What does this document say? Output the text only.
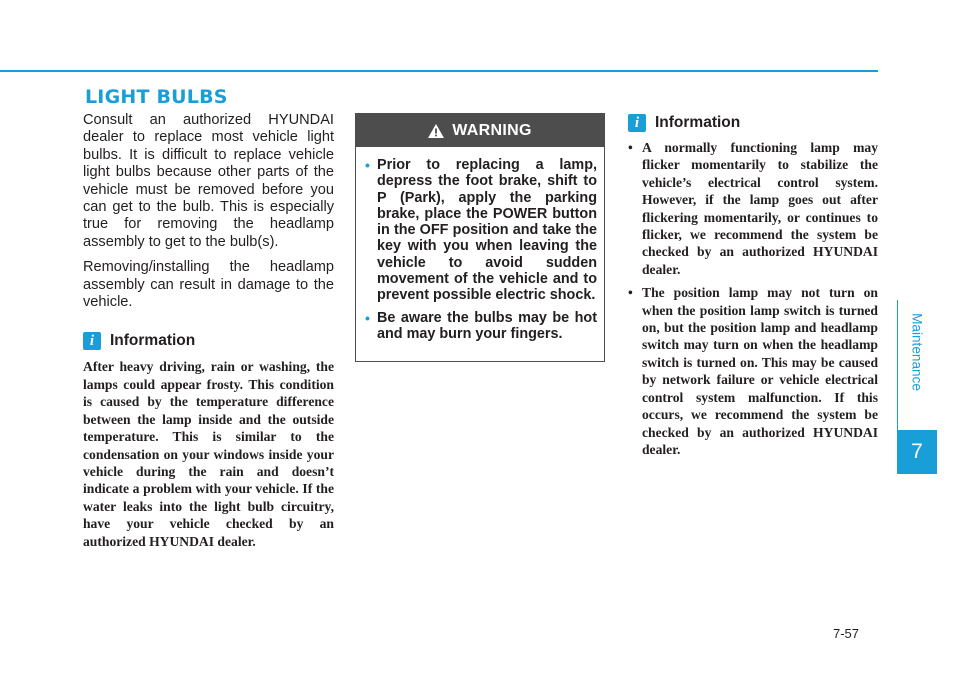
LIGHT BULBS

Consult an authorized HYUNDAI dealer to replace most vehicle light bulbs. It is difficult to replace vehicle light bulbs because other parts of the vehicle must be removed before you can get to the bulb. This is especially true for removing the headlamp assembly to get to the bulb(s).

Removing/installing the headlamp assembly can result in damage to the vehicle.

i	Information

After heavy driving, rain or washing, the lamps could appear frosty. This condition is caused by the temperature difference between the lamp inside and the outside temperature. This is similar to the condensation on your windows inside your vehicle during the rain and doesn’t indicate a problem with your vehicle. If the water leaks into the light bulb circuitry, have your vehicle checked by an authorized HYUNDAI dealer.

WARNING
• Prior to replacing a lamp, depress the foot brake, shift to P (Park), apply the parking brake, place the POWER button in the OFF position and take the key with you when leaving the vehicle to avoid sudden movement of the vehicle and to prevent possible electric shock.
• Be aware the bulbs may be hot and may burn your fingers.
i	Information
• A normally functioning lamp may flicker momentarily to stabilize the vehicle’s electrical control system. However, if the lamp goes out after flickering momentarily, or continues to flicker, we recommend the system be checked by an authorized HYUNDAI dealer.
• The position lamp may not turn on when the position lamp switch is turned on, but the position lamp and headlamp switch may turn on when the headlamp switch is turned on. This may be caused by network failure or vehicle electrical control system malfunction. If this occurs, we recommend the system be checked by an authorized HYUNDAI dealer.
Maintenance
7
7-57
